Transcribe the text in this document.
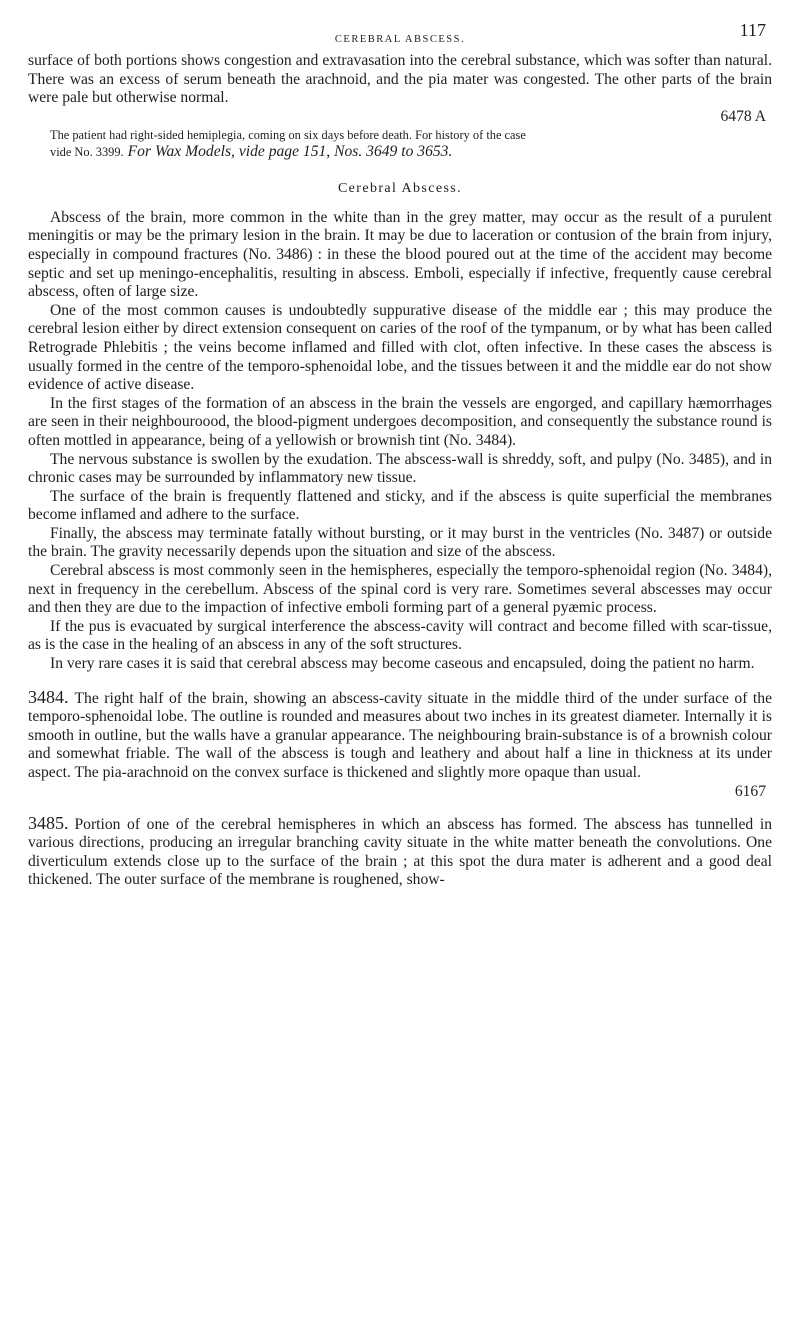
CEREBRAL ABSCESS.	117

surface of both portions shows congestion and extravasation into the cerebral substance, which was softer than natural. There was an excess of serum beneath the arachnoid, and the pia mater was congested. The other parts of the brain were pale but otherwise normal.

6478 A

The patient had right-sided hemiplegia, coming on six days before death. For history of the case

vide No. 3399. For Wax Models, vide page 151, Nos. 3649 to 3653.
Cerebral Abscess.

Abscess of the brain, more common in the white than in the grey matter, may occur as the result of a purulent meningitis or may be the primary lesion in the brain. It may be due to laceration or contusion of the brain from injury, especially in compound fractures (No. 3486) : in these the blood poured out at the time of the accident may become septic and set up meningo-encephalitis, resulting in abscess. Emboli, especially if infective, frequently cause cerebral abscess, often of large size.

One of the most common causes is undoubtedly suppurative disease of the middle ear ; this may produce the cerebral lesion either by direct extension consequent on caries of the roof of the tympanum, or by what has been called Retrograde Phlebitis ; the veins become inflamed and filled with clot, often infective. In these cases the abscess is usually formed in the centre of the temporo-sphenoidal lobe, and the tissues between it and the middle ear do not show evidence of active disease.

In the first stages of the formation of an abscess in the brain the vessels are engorged, and capillary hæmorrhages are seen in their neighbouroood, the blood-pigment undergoes decomposition, and consequently the substance round is often mottled in appearance, being of a yellowish or brownish tint (No. 3484).

The nervous substance is swollen by the exudation. The abscess-wall is shreddy, soft, and pulpy (No. 3485), and in chronic cases may be surrounded by inflammatory new tissue.

The surface of the brain is frequently flattened and sticky, and if the abscess is quite superficial the membranes become inflamed and adhere to the surface.

Finally, the abscess may terminate fatally without bursting, or it may burst in the ventricles (No. 3487) or outside the brain. The gravity necessarily depends upon the situation and size of the abscess.

Cerebral abscess is most commonly seen in the hemispheres, especially the temporo-sphenoidal region (No. 3484), next in frequency in the cerebellum. Abscess of the spinal cord is very rare. Sometimes several abscesses may occur and then they are due to the impaction of infective emboli forming part of a general pyæmic process.

If the pus is evacuated by surgical interference the abscess-cavity will contract and become filled with scar-tissue, as is the case in the healing of an abscess in any of the soft structures.

In very rare cases it is said that cerebral abscess may become caseous and encapsuled, doing the patient no harm.

3484. The right half of the brain, showing an abscess-cavity situate in the middle third of the under surface of the temporo-sphenoidal lobe. The outline is rounded and measures about two inches in its greatest diameter. Internally it is smooth in outline, but the walls have a granular appearance. The neighbouring brain-substance is of a brownish colour and somewhat friable. The wall of the abscess is tough and leathery and about half a line in thickness at its under aspect. The pia-arachnoid on the convex surface is thickened and slightly more opaque than usual.

6167

3485. Portion of one of the cerebral hemispheres in which an abscess has formed. The abscess has tunnelled in various directions, producing an irregular branching cavity situate in the white matter beneath the convolutions. One diverticulum extends close up to the surface of the brain ; at this spot the dura mater is adherent and a good deal thickened. The outer surface of the membrane is roughened, show-
